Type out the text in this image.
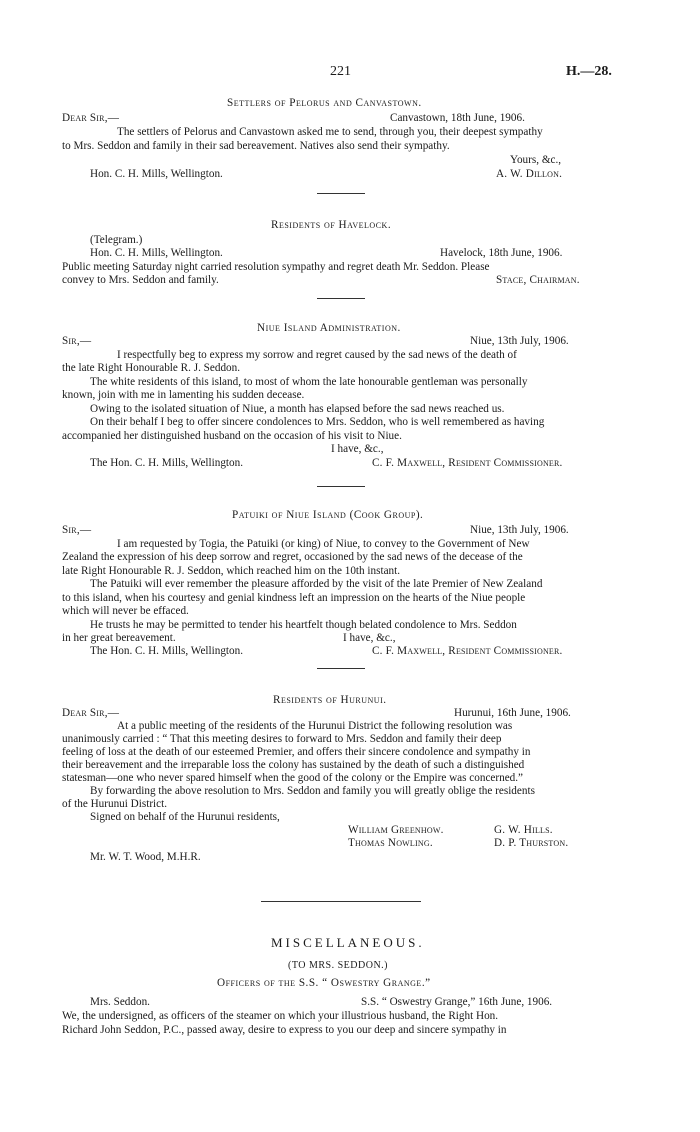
221	H.—28.
Settlers of Pelorus and Canvastown.
Dear Sir,—	Canvastown, 18th June, 1906.
The settlers of Pelorus and Canvastown asked me to send, through you, their deepest sympathy
to Mrs. Seddon and family in their sad bereavement. Natives also send their sympathy.
Yours, &c.,
Hon. C. H. Mills, Wellington.	A. W. Dillon.
Residents of Havelock.
(Telegram.)
Hon. C. H. Mills, Wellington.	Havelock, 18th June, 1906.
Public meeting Saturday night carried resolution sympathy and regret death Mr. Seddon. Please
convey to Mrs. Seddon and family.	Stace, Chairman.
Niue Island Administration.
Sir,—	Niue, 13th July, 1906.
I respectfully beg to express my sorrow and regret caused by the sad news of the death of
the late Right Honourable R. J. Seddon.
The white residents of this island, to most of whom the late honourable gentleman was personally
known, join with me in lamenting his sudden decease.
Owing to the isolated situation of Niue, a month has elapsed before the sad news reached us.
On their behalf I beg to offer sincere condolences to Mrs. Seddon, who is well remembered as having
accompanied her distinguished husband on the occasion of his visit to Niue.
I have, &c.,
The Hon. C. H. Mills, Wellington.	C. F. Maxwell, Resident Commissioner.
Patuiki of Niue Island (Cook Group).
Sir,—	Niue, 13th July, 1906.
I am requested by Togia, the Patuiki (or king) of Niue, to convey to the Government of New
Zealand the expression of his deep sorrow and regret, occasioned by the sad news of the decease of the
late Right Honourable R. J. Seddon, which reached him on the 10th instant.
The Patuiki will ever remember the pleasure afforded by the visit of the late Premier of New Zealand
to this island, when his courtesy and genial kindness left an impression on the hearts of the Niue people
which will never be effaced.
He trusts he may be permitted to tender his heartfelt though belated condolence to Mrs. Seddon
in her great bereavement.	I have, &c.,
The Hon. C. H. Mills, Wellington.	C. F. Maxwell, Resident Commissioner.
Residents of Hurunui.
Dear Sir,—	Hurunui, 16th June, 1906.
At a public meeting of the residents of the Hurunui District the following resolution was
unanimously carried : “ That this meeting desires to forward to Mrs. Seddon and family their deep
feeling of loss at the death of our esteemed Premier, and offers their sincere condolence and sympathy in
their bereavement and the irreparable loss the colony has sustained by the death of such a distinguished
statesman—one who never spared himself when the good of the colony or the Empire was concerned.”
By forwarding the above resolution to Mrs. Seddon and family you will greatly oblige the residents
of the Hurunui District.
Signed on behalf of the Hurunui residents,
William Greenhow.	G. W. Hills.
Thomas Nowling.	D. P. Thurston.
Mr. W. T. Wood, M.H.R.
MISCELLANEOUS.
(TO MRS. SEDDON.)
Officers of the S.S. “ Oswestry Grange.”
Mrs. Seddon.	S.S. “ Oswestry Grange,” 16th June, 1906.
We, the undersigned, as officers of the steamer on which your illustrious husband, the Right Hon.
Richard John Seddon, P.C., passed away, desire to express to you our deep and sincere sympathy in
